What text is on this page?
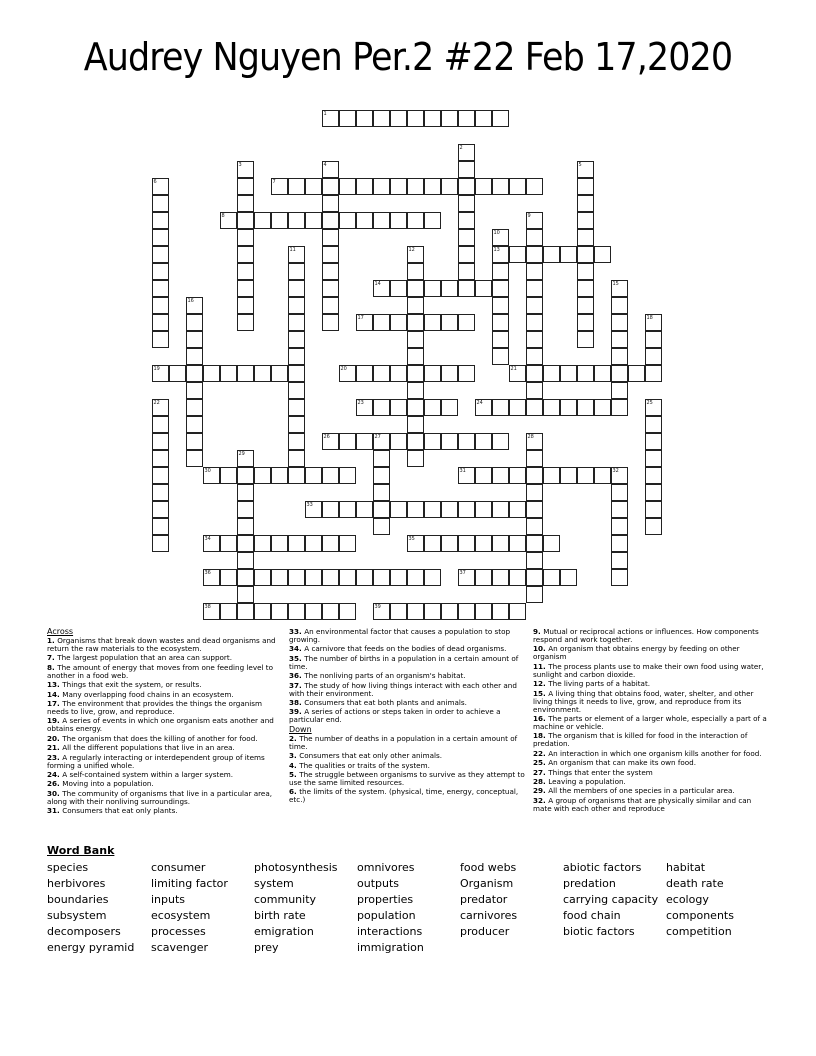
Audrey Nguyen Per.2 #22 Feb 17,2020
1
2
3	4	5
6	7
8	9
10
13
11	12
14	15
16
17	18
19	20	21
22	23	24	25
26	27	28
29
30	31	32
33
34	35
36	37
38	39
Across
1. Organisms that break down wastes and dead organisms and return the raw materials to the ecosystem.
7. The largest population that an area can support.
8. The amount of energy that moves from one feeding level to another in a food web.
13. Things that exit the system, or results.
14. Many overlapping food chains in an ecosystem.
17. The environment that provides the things the organism needs to live, grow, and reproduce.
19. A series of events in which one organism eats another and obtains energy.
20. The organism that does the killing of another for food.
21. All the different populations that live in an area.
23. A regularly interacting or interdependent group of items forming a unified whole.
24. A self-contained system within a larger system.
26. Moving into a population.
30. The community of organisms that live in a particular area, along with their nonliving surroundings.
31. Consumers that eat only plants.
33. An environmental factor that causes a population to stop growing.
34. A carnivore that feeds on the bodies of dead organisms.
35. The number of births in a population in a certain amount of time.
36. The nonliving parts of an organism's habitat.
37. The study of how living things interact with each other and with their environment.
38. Consumers that eat both plants and animals.
39. A series of actions or steps taken in order to achieve a particular end.
Down
2. The number of deaths in a population in a certain amount of time.
3. Consumers that eat only other animals.
4. The qualities or traits of the system.
5. The struggle between organisms to survive as they attempt to use the same limited resources.
6. the limits of the system. (physical, time, energy, conceptual, etc.)
9. Mutual or reciprocal actions or influences. How components respond and work together.
10. An organism that obtains energy by feeding on other organism
11. The process plants use to make their own food using water, sunlight and carbon dioxide.
12. The living parts of a habitat.
15. A living thing that obtains food, water, shelter, and other living things it needs to live, grow, and reproduce from its environment.
16. The parts or element of a larger whole, especially a part of a machine or vehicle.
18. The organism that is killed for food in the interaction of predation.
22. An interaction in which one organism kills another for food.
25. An organism that can make its own food.
27. Things that enter the system
28. Leaving a population.
29. All the members of one species in a particular area.
32. A group of organisms that are physically similar and can mate with each other and reproduce
Word Bank
species
herbivores
boundaries
subsystem
decomposers
energy pyramid
consumer
limiting factor
inputs
ecosystem
processes
scavenger
photosynthesis
system
community
birth rate
emigration
prey
omnivores
outputs
properties
population
interactions
immigration
food webs
Organism
predator
carnivores
producer
abiotic factors
predation
carrying capacity
food chain
biotic factors
habitat
death rate
ecology
components
competition
